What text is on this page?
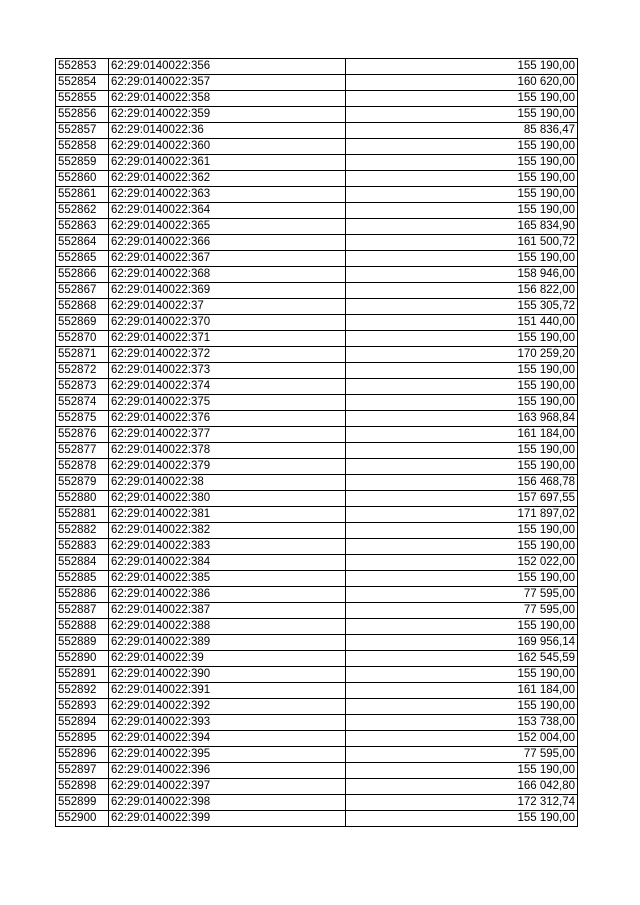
552853	62:29:0140022:356	155 190,00
552854	62:29:0140022:357	160 620,00
552855	62:29:0140022:358	155 190,00
552856	62:29:0140022:359	155 190,00
552857	62:29:0140022:36	85 836,47
552858	62:29:0140022:360	155 190,00
552859	62:29:0140022:361	155 190,00
552860	62:29:0140022:362	155 190,00
552861	62:29:0140022:363	155 190,00
552862	62:29:0140022:364	155 190,00
552863	62:29:0140022:365	165 834,90
552864	62:29:0140022:366	161 500,72
552865	62:29:0140022:367	155 190,00
552866	62:29:0140022:368	158 946,00
552867	62:29:0140022:369	156 822,00
552868	62:29:0140022:37	155 305,72
552869	62:29:0140022:370	151 440,00
552870	62:29:0140022:371	155 190,00
552871	62:29:0140022:372	170 259,20
552872	62:29:0140022:373	155 190,00
552873	62:29:0140022:374	155 190,00
552874	62:29:0140022:375	155 190,00
552875	62:29:0140022:376	163 968,84
552876	62:29:0140022:377	161 184,00
552877	62:29:0140022:378	155 190,00
552878	62:29:0140022:379	155 190,00
552879	62:29:0140022:38	156 468,78
552880	62;29:0140022:380	157 697,55
552881	62:29:0140022:381	171 897,02
552882	62:29:0140022:382	155 190,00
552883	62:29:0140022:383	155 190,00
552884	62:29:0140022:384	152 022,00
552885	62:29:0140022:385	155 190,00
552886	62:29:0140022:386	77 595,00
552887	62:29:0140022:387	77 595,00
552888	62:29:0140022:388	155 190,00
552889	62:29:0140022:389	169 956,14
552890	62:29:0140022:39	162 545,59
552891	62:29:0140022:390	155 190,00
552892	62:29:0140022:391	161 184,00
552893	62:29:0140022:392	155 190,00
552894	62:29:0140022:393	153 738,00
552895	62:29:0140022:394	152 004,00
552896	62:29:0140022:395	77 595,00
552897	62:29:0140022:396	155 190,00
552898	62:29:0140022:397	166 042,80
552899	62:29:0140022:398	172 312,74
552900	62:29:0140022:399	155 190,00
